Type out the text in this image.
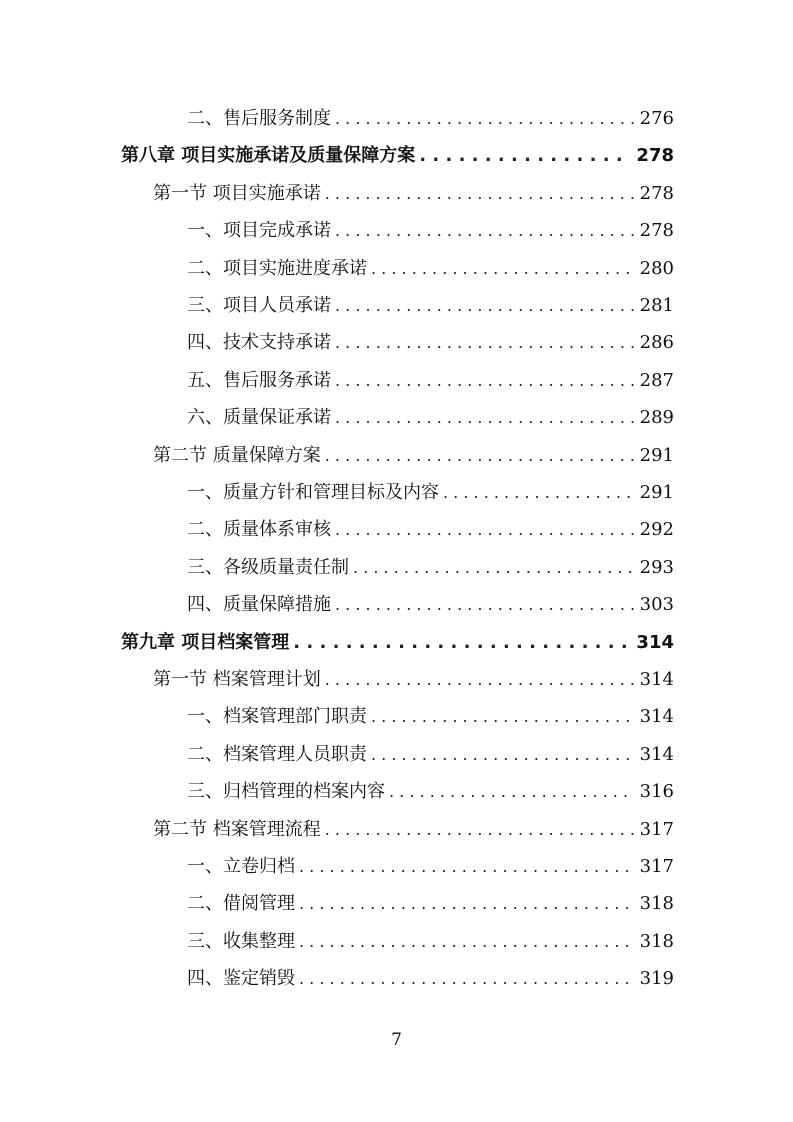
二、售后服务制度 . . .	276
第八章 项目实施承诺及质量保障方案 . . .	278
第一节 项目实施承诺 . . .	278
一、项目完成承诺 . . .	278
二、项目实施进度承诺 . . .	280
三、项目人员承诺 . . .	281
四、技术支持承诺 . . .	286
五、售后服务承诺 . . .	287
六、质量保证承诺 . . .	289
第二节 质量保障方案 . . .	291
一、质量方针和管理目标及内容 . . .	291
二、质量体系审核 . . .	292
三、各级质量责任制 . . .	293
四、质量保障措施 . . .	303
第九章 项目档案管理 . . .	314
第一节 档案管理计划 . . .	314
一、档案管理部门职责 . . .	314
二、档案管理人员职责 . . .	314
三、归档管理的档案内容 . . .	316
第二节 档案管理流程 . . .	317
一、立卷归档 . . .	317
二、借阅管理 . . .	318
三、收集整理 . . .	318
四、鉴定销毁 . . .	319
7
